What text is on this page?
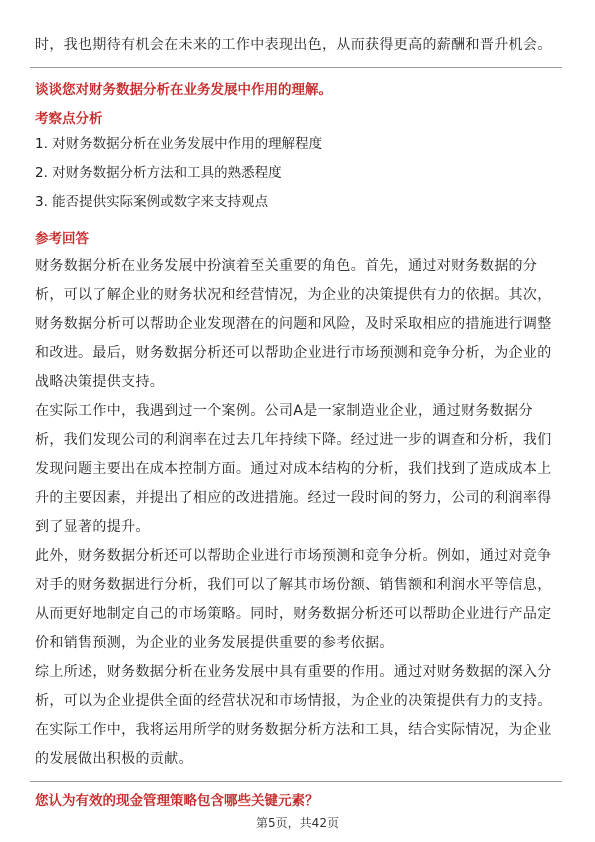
时，我也期待有机会在未来的工作中表现出色，从而获得更高的薪酬和晋升机会。
谈谈您对财务数据分析在业务发展中作用的理解。
考察点分析
1. 对财务数据分析在业务发展中作用的理解程度
2. 对财务数据分析方法和工具的熟悉程度
3. 能否提供实际案例或数字来支持观点
参考回答
财务数据分析在业务发展中扮演着至关重要的角色。首先，通过对财务数据的分
析，可以了解企业的财务状况和经营情况，为企业的决策提供有力的依据。其次，
财务数据分析可以帮助企业发现潜在的问题和风险，及时采取相应的措施进行调整
和改进。最后，财务数据分析还可以帮助企业进行市场预测和竞争分析，为企业的
战略决策提供支持。
在实际工作中，我遇到过一个案例。公司A是一家制造业企业，通过财务数据分
析，我们发现公司的利润率在过去几年持续下降。经过进一步的调查和分析，我们
发现问题主要出在成本控制方面。通过对成本结构的分析，我们找到了造成成本上
升的主要因素，并提出了相应的改进措施。经过一段时间的努力，公司的利润率得
到了显著的提升。
此外，财务数据分析还可以帮助企业进行市场预测和竞争分析。例如，通过对竞争
对手的财务数据进行分析，我们可以了解其市场份额、销售额和利润水平等信息，
从而更好地制定自己的市场策略。同时，财务数据分析还可以帮助企业进行产品定
价和销售预测，为企业的业务发展提供重要的参考依据。
综上所述，财务数据分析在业务发展中具有重要的作用。通过对财务数据的深入分
析，可以为企业提供全面的经营状况和市场情报，为企业的决策提供有力的支持。
在实际工作中，我将运用所学的财务数据分析方法和工具，结合实际情况，为企业
的发展做出积极的贡献。
您认为有效的现金管理策略包含哪些关键元素？
第5页，共42页
